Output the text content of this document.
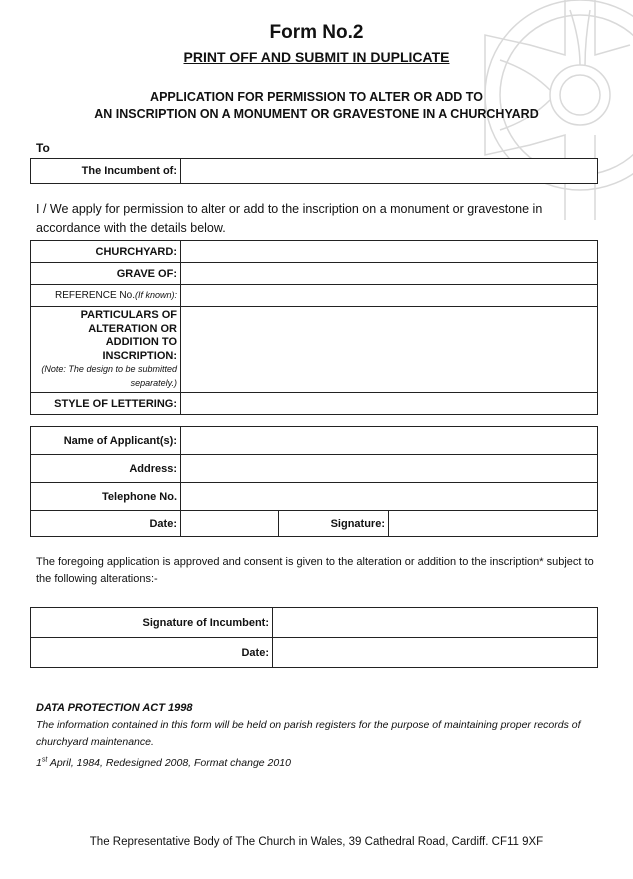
Form No.2
PRINT OFF AND SUBMIT IN DUPLICATE
APPLICATION FOR PERMISSION TO ALTER OR ADD TO
AN INSCRIPTION ON A MONUMENT OR GRAVESTONE IN A CHURCHYARD
To
The Incumbent of:	
I / We apply for permission to alter or add to the inscription on a monument or gravestone in accordance with the details below.
CHURCHYARD:	
GRAVE OF:	
REFERENCE No.(If known):	

PARTICULARS OF ALTERATION OR ADDITION TO INSCRIPTION:
(Note: The design to be submitted separately.)	

STYLE OF LETTERING:	
Name of Applicant(s):			
Address:			
Telephone No.			
Date:		Signature:	
The foregoing application is approved and consent is given to the alteration or addition to the inscription* subject to the following alterations:-
Signature of Incumbent:	
Date:	
DATA PROTECTION ACT 1998
The information contained in this form will be held on parish registers for the purpose of maintaining proper records of churchyard maintenance.
1st April, 1984, Redesigned 2008, Format change 2010
The Representative Body of The Church in Wales, 39 Cathedral Road, Cardiff. CF11 9XF
